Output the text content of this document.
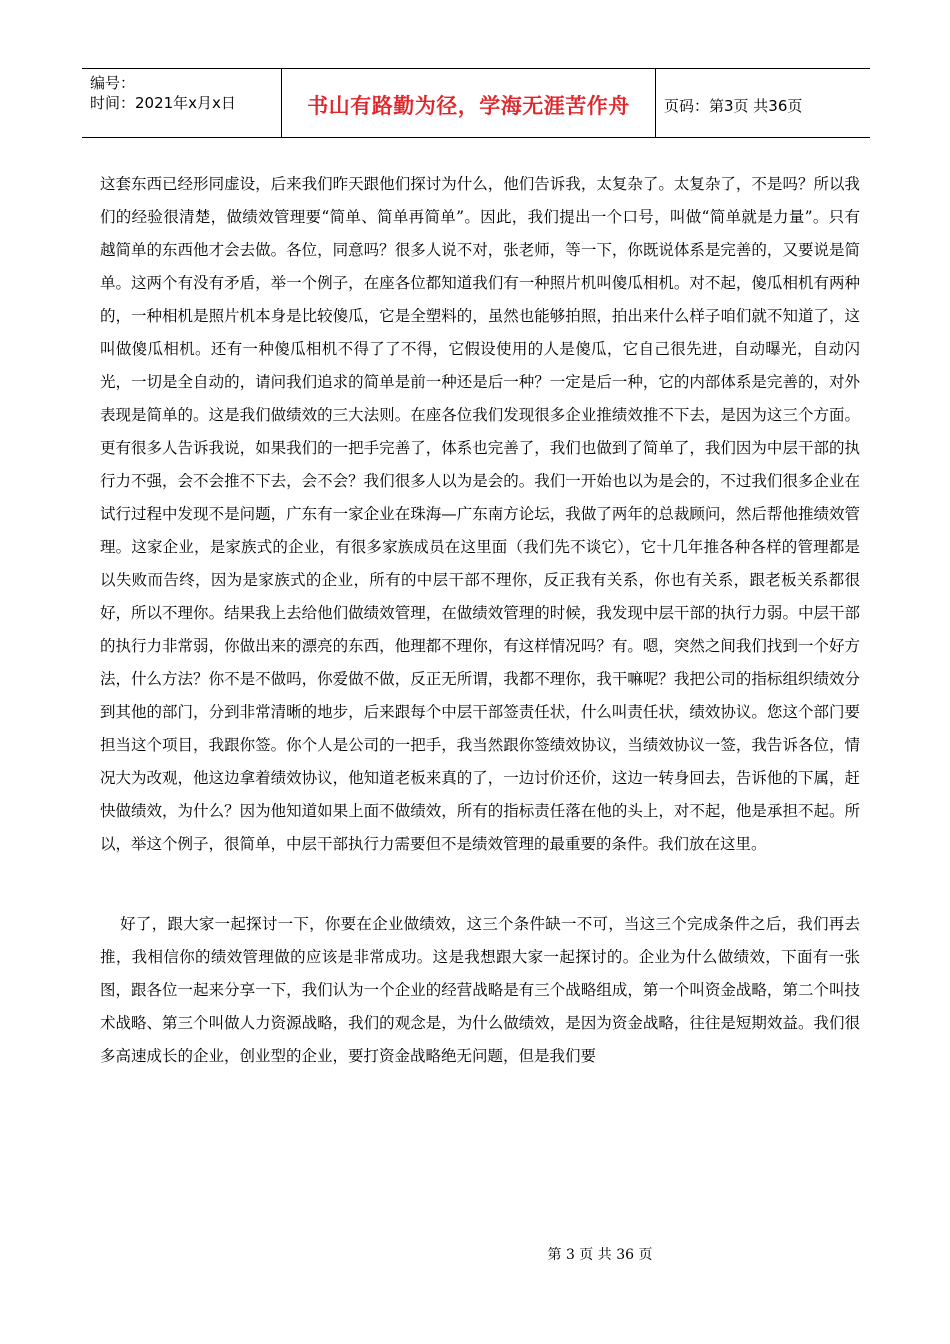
编号：
时间：2021年x月x日	书山有路勤为径，学海无涯苦作舟	页码：第3页 共36页

这套东西已经形同虚设，后来我们昨天跟他们探讨为什么，他们告诉我，太复杂了。太复杂了，不是吗？所以我们的经验很清楚，做绩效管理要“简单、简单再简单”。因此，我们提出一个口号，叫做“简单就是力量”。只有越简单的东西他才会去做。各位，同意吗？很多人说不对，张老师，等一下，你既说体系是完善的，又要说是简单。这两个有没有矛盾，举一个例子，在座各位都知道我们有一种照片机叫傻瓜相机。对不起，傻瓜相机有两种的，一种相机是照片机本身是比较傻瓜，它是全塑料的，虽然也能够拍照，拍出来什么样子咱们就不知道了，这叫做傻瓜相机。还有一种傻瓜相机不得了了不得，它假设使用的人是傻瓜，它自己很先进，自动曝光，自动闪光，一切是全自动的，请问我们追求的简单是前一种还是后一种？一定是后一种，它的内部体系是完善的，对外表现是简单的。这是我们做绩效的三大法则。在座各位我们发现很多企业推绩效推不下去，是因为这三个方面。更有很多人告诉我说，如果我们的一把手完善了，体系也完善了，我们也做到了简单了，我们因为中层干部的执行力不强，会不会推不下去，会不会？我们很多人以为是会的。我们一开始也以为是会的，不过我们很多企业在试行过程中发现不是问题，广东有一家企业在珠海—广东南方论坛，我做了两年的总裁顾问，然后帮他推绩效管理。这家企业，是家族式的企业，有很多家族成员在这里面（我们先不谈它），它十几年推各种各样的管理都是以失败而告终，因为是家族式的企业，所有的中层干部不理你，反正我有关系，你也有关系，跟老板关系都很好，所以不理你。结果我上去给他们做绩效管理，在做绩效管理的时候，我发现中层干部的执行力弱。中层干部的执行力非常弱，你做出来的漂亮的东西，他理都不理你，有这样情况吗？有。嗯，突然之间我们找到一个好方法，什么方法？你不是不做吗，你爱做不做，反正无所谓，我都不理你，我干嘛呢？我把公司的指标组织绩效分到其他的部门，分到非常清晰的地步，后来跟每个中层干部签责任状，什么叫责任状，绩效协议。您这个部门要担当这个项目，我跟你签。你个人是公司的一把手，我当然跟你签绩效协议，当绩效协议一签，我告诉各位，情况大为改观，他这边拿着绩效协议，他知道老板来真的了，一边讨价还价，这边一转身回去，告诉他的下属，赶快做绩效，为什么？因为他知道如果上面不做绩效，所有的指标责任落在他的头上，对不起，他是承担不起。所以，举这个例子，很简单，中层干部执行力需要但不是绩效管理的最重要的条件。我们放在这里。

好了，跟大家一起探讨一下，你要在企业做绩效，这三个条件缺一不可，当这三个完成条件之后，我们再去推，我相信你的绩效管理做的应该是非常成功。这是我想跟大家一起探讨的。企业为什么做绩效，下面有一张图，跟各位一起来分享一下，我们认为一个企业的经营战略是有三个战略组成，第一个叫资金战略，第二个叫技术战略、第三个叫做人力资源战略，我们的观念是，为什么做绩效，是因为资金战略，往往是短期效益。我们很多高速成长的企业，创业型的企业，要打资金战略绝无问题，但是我们要

第 3 页 共 36 页
